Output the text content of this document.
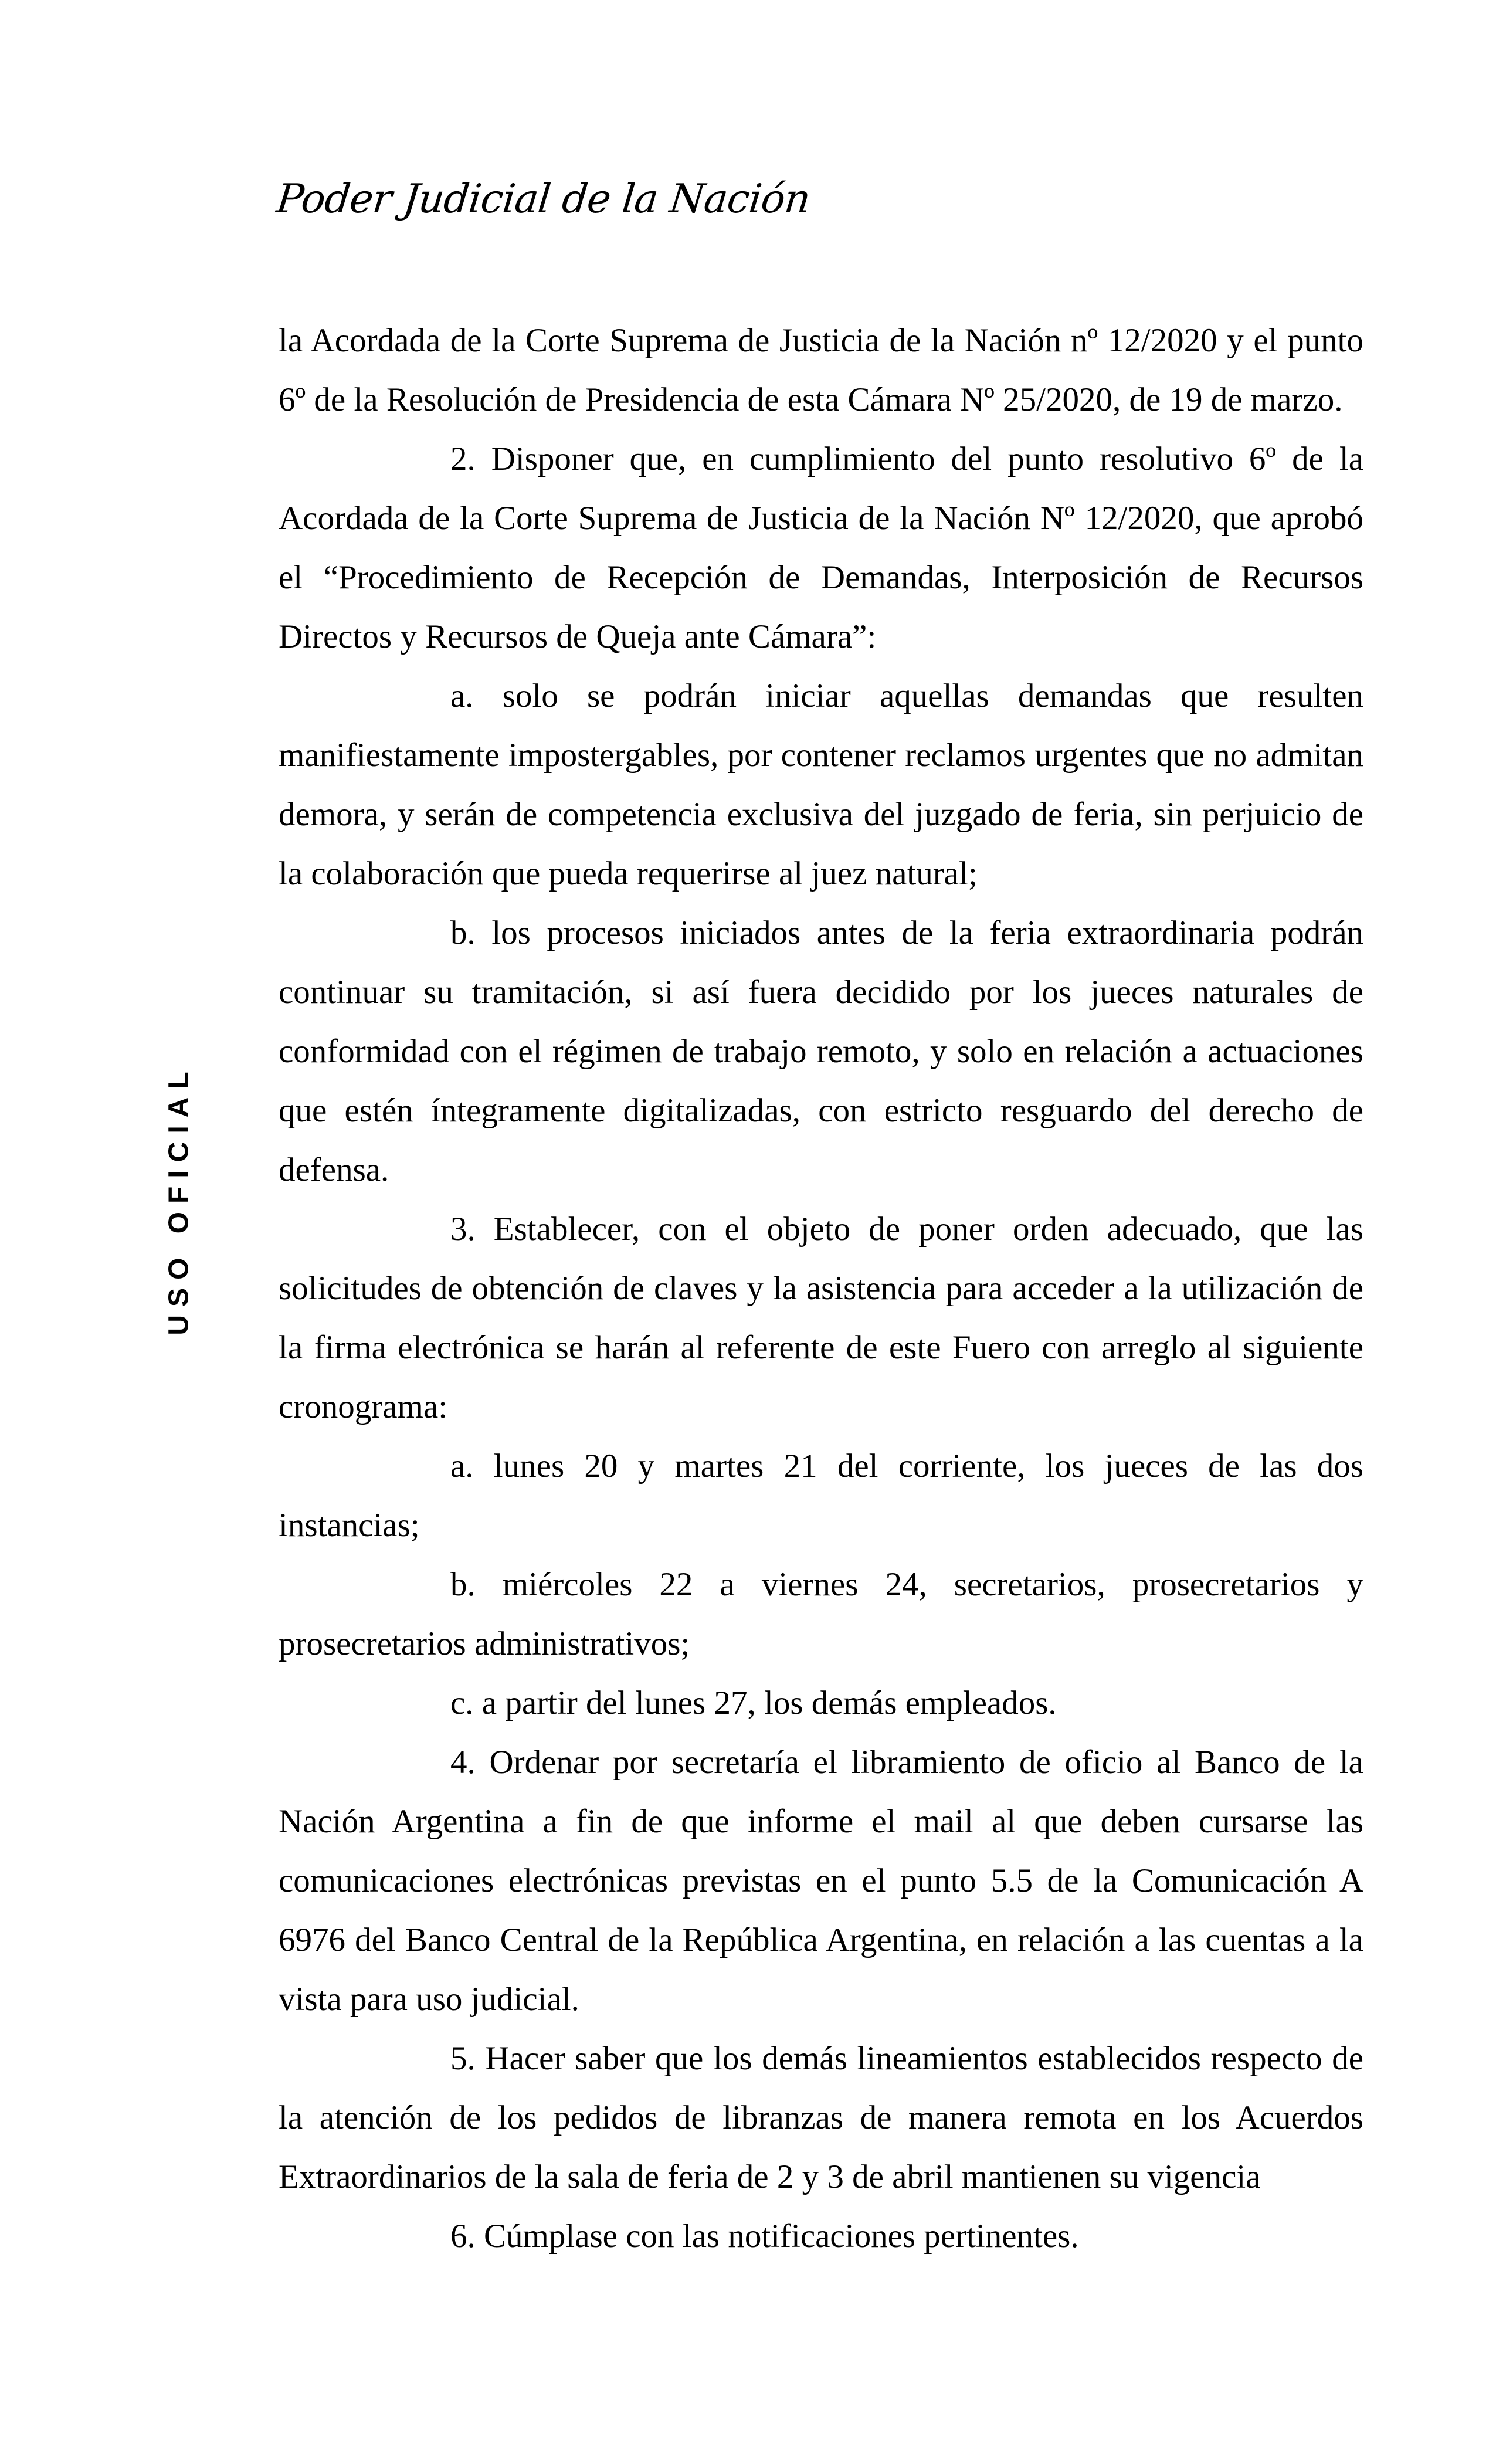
Poder Judicial de la Nación
USO OFICIAL

la Acordada de la Corte Suprema de Justicia de la Nación nº 12/2020 y el punto 6º de la Resolución de Presidencia de esta Cámara Nº 25/2020, de 19 de marzo.

2. Disponer que, en cumplimiento del punto resolutivo 6º de la Acordada de la Corte Suprema de Justicia de la Nación Nº 12/2020, que aprobó el “Procedimiento de Recepción de Demandas, Interposición de Recursos Directos y Recursos de Queja ante Cámara”:

a. solo se podrán iniciar aquellas demandas que resulten manifiestamente impostergables, por contener reclamos urgentes que no admitan demora, y serán de competencia exclusiva del juzgado de feria, sin perjuicio de la colaboración que pueda requerirse al juez natural;

b. los procesos iniciados antes de la feria extraordinaria podrán continuar su tramitación, si así fuera decidido por los jueces naturales de conformidad con el régimen de trabajo remoto, y solo en relación a actuaciones que estén íntegramente digitalizadas, con estricto resguardo del derecho de defensa.

3. Establecer, con el objeto de poner orden adecuado, que las solicitudes de obtención de claves y la asistencia para acceder a la utilización de la firma electrónica se harán al referente de este Fuero con arreglo al siguiente cronograma:

a. lunes 20 y martes 21 del corriente, los jueces de las dos instancias;

b. miércoles 22 a viernes 24, secretarios, prosecretarios y prosecretarios administrativos;

c. a partir del lunes 27, los demás empleados.

4. Ordenar por secretaría el libramiento de oficio al Banco de la Nación Argentina a fin de que informe el mail al que deben cursarse las comunicaciones electrónicas previstas en el punto 5.5 de la Comunicación A 6976 del Banco Central de la República Argentina, en relación a las cuentas a la vista para uso judicial.

5. Hacer saber que los demás lineamientos establecidos respecto de la atención de los pedidos de libranzas de manera remota en los Acuerdos Extraordinarios de la sala de feria de 2 y 3 de abril mantienen su vigencia

6. Cúmplase con las notificaciones pertinentes.
